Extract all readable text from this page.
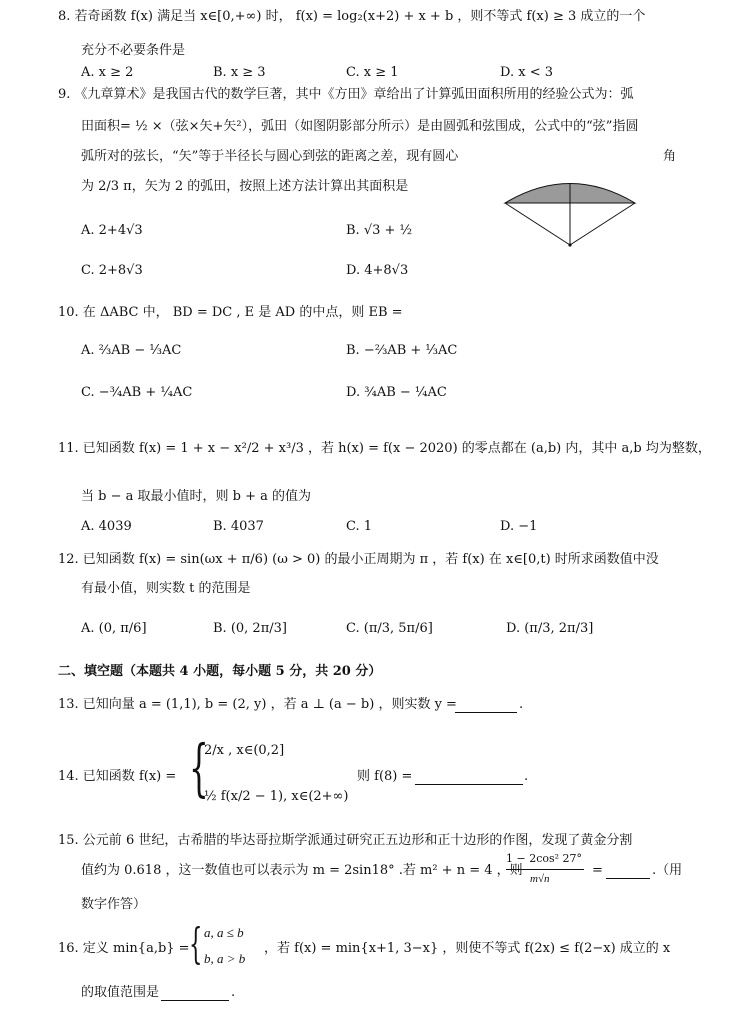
8. 若奇函数 f(x) 满足当 x∈[0,+∞) 时， f(x) = log₂(x+2) + x + b ，则不等式 f(x) ≥ 3 成立的一个
充分不必要条件是
A. x ≥ 2	B. x ≥ 3	C. x ≥ 1	D. x < 3
9. 《九章算术》是我国古代的数学巨著，其中《方田》章给出了计算弧田面积所用的经验公式为：弧
田面积= ½ ×（弦×矢+矢²），弧田（如图阴影部分所示）是由圆弧和弦围成，公式中的“弦”指圆
弧所对的弦长，“矢”等于半径长与圆心到弦的距离之差，现有圆心	角
为 2/3 π，矢为 2 的弧田，按照上述方法计算出其面积是
A. 2+4√3	B. √3 + ½
C. 2+8√3	D. 4+8√3
10. 在 ΔABC 中， BD = DC , E 是 AD 的中点，则 EB =
A. ⅔AB − ⅓AC	B. −⅔AB + ⅓AC
C. −¾AB + ¼AC	D. ¾AB − ¼AC
11. 已知函数 f(x) = 1 + x − x²/2 + x³/3 ，若 h(x) = f(x − 2020) 的零点都在 (a,b) 内，其中 a,b 均为整数，
当 b − a 取最小值时，则 b + a 的值为
A. 4039	B. 4037	C. 1	D. −1
12. 已知函数 f(x) = sin(ωx + π/6) (ω > 0) 的最小正周期为 π ，若 f(x) 在 x∈[0,t) 时所求函数值中没
有最小值，则实数 t 的范围是
A. (0, π/6]	B. (0, 2π/3]	C. (π/3, 5π/6]	D. (π/3, 2π/3]
二、填空题（本题共 4 小题，每小题 5 分，共 20 分）
13. 已知向量 a = (1,1), b = (2, y) ，若 a ⊥ (a − b) ，则实数 y =	.
14. 已知函数 f(x) = {
2/x , x∈(0,2]
½ f(x/2 − 1), x∈(2+∞)
则 f(8) =	.
15. 公元前 6 世纪，古希腊的毕达哥拉斯学派通过研究正五边形和正十边形的作图，发现了黄金分割
值约为 0.618 ，这一数值也可以表示为 m = 2sin18° .若 m² + n = 4 ，则
1 − 2cos² 27°
m√n
=	.（用
数字作答）
16. 定义 min{a,b} = { a, a ≤ b
b, a > b
，若 f(x) = min{x+1, 3−x} ，则使不等式 f(2x) ≤ f(2−x) 成立的 x
的取值范围是	.
